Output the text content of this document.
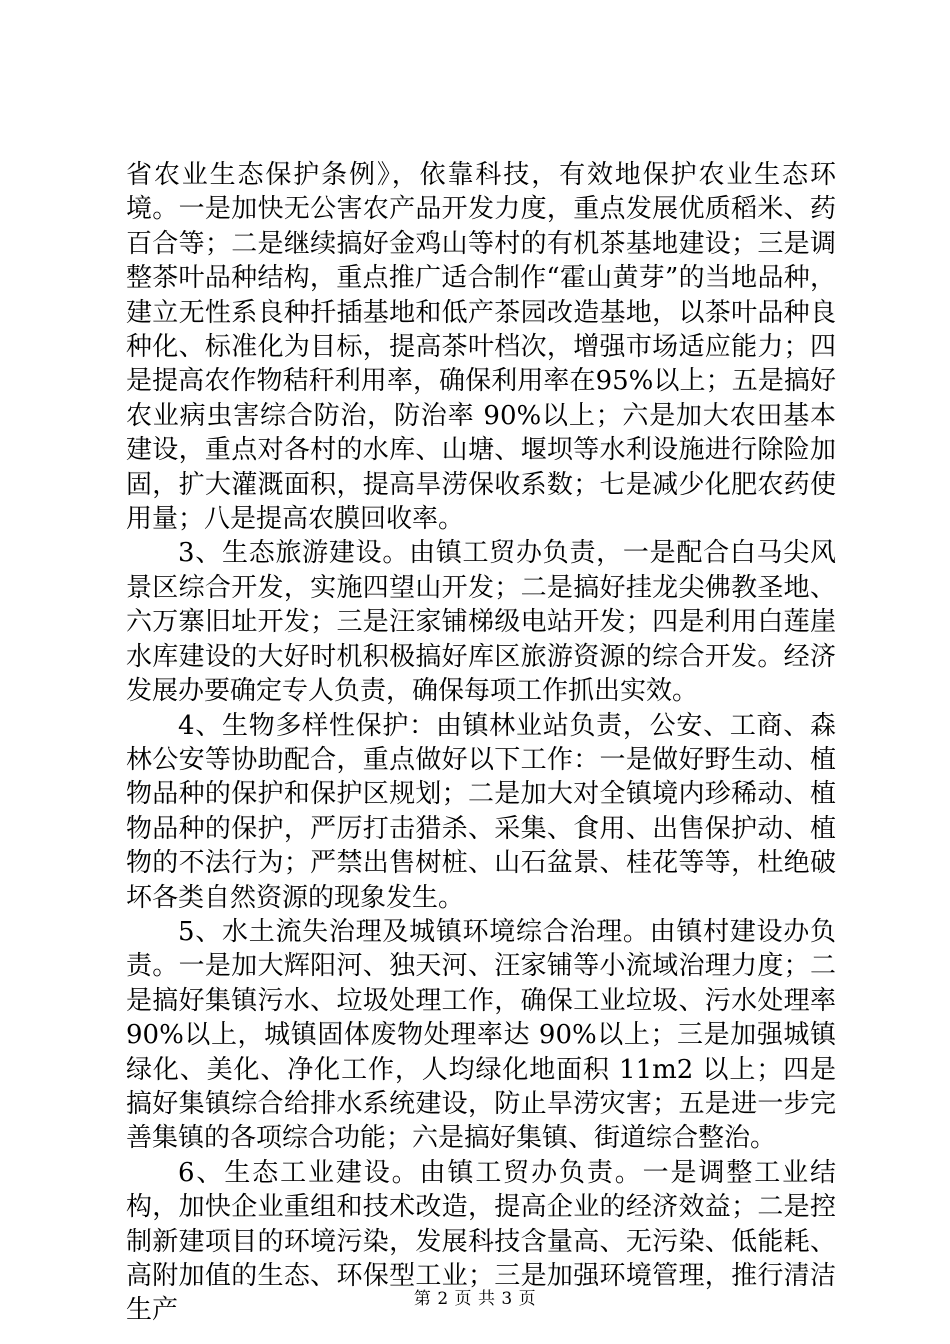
省农业生态保护条例》，依靠科技，有效地保护农业生态环境。一是加快无公害农产品开发力度，重点发展优质稻米、药百合等；二是继续搞好金鸡山等村的有机茶基地建设；三是调整茶叶品种结构，重点推广适合制作“霍山黄芽”的当地品种，建立无性系良种扦插基地和低产茶园改造基地，以茶叶品种良种化、标准化为目标，提高茶叶档次，增强市场适应能力；四是提高农作物秸秆利用率，确保利用率在95%以上；五是搞好农业病虫害综合防治，防治率 90%以上；六是加大农田基本建设，重点对各村的水库、山塘、堰坝等水利设施进行除险加固，扩大灌溉面积，提高旱涝保收系数；七是减少化肥农药使用量；八是提高农膜回收率。

3、生态旅游建设。由镇工贸办负责，一是配合白马尖风景区综合开发，实施四望山开发；二是搞好挂龙尖佛教圣地、六万寨旧址开发；三是汪家铺梯级电站开发；四是利用白莲崖水库建设的大好时机积极搞好库区旅游资源的综合开发。经济发展办要确定专人负责，确保每项工作抓出实效。

4、生物多样性保护：由镇林业站负责，公安、工商、森林公安等协助配合，重点做好以下工作：一是做好野生动、植物品种的保护和保护区规划；二是加大对全镇境内珍稀动、植物品种的保护，严厉打击猎杀、采集、食用、出售保护动、植物的不法行为；严禁出售树桩、山石盆景、桂花等等，杜绝破坏各类自然资源的现象发生。

5、水土流失治理及城镇环境综合治理。由镇村建设办负责。一是加大辉阳河、独天河、汪家铺等小流域治理力度；二是搞好集镇污水、垃圾处理工作，确保工业垃圾、污水处理率 90%以上，城镇固体废物处理率达 90%以上；三是加强城镇绿化、美化、净化工作，人均绿化地面积 11m2 以上；四是搞好集镇综合给排水系统建设，防止旱涝灾害；五是进一步完善集镇的各项综合功能；六是搞好集镇、街道综合整治。

6、生态工业建设。由镇工贸办负责。一是调整工业结构，加快企业重组和技术改造，提高企业的经济效益；二是控制新建项目的环境污染，发展科技含量高、无污染、低能耗、高附加值的生态、环保型工业；三是加强环境管理，推行清洁生产	第 2 页 共 3 页
